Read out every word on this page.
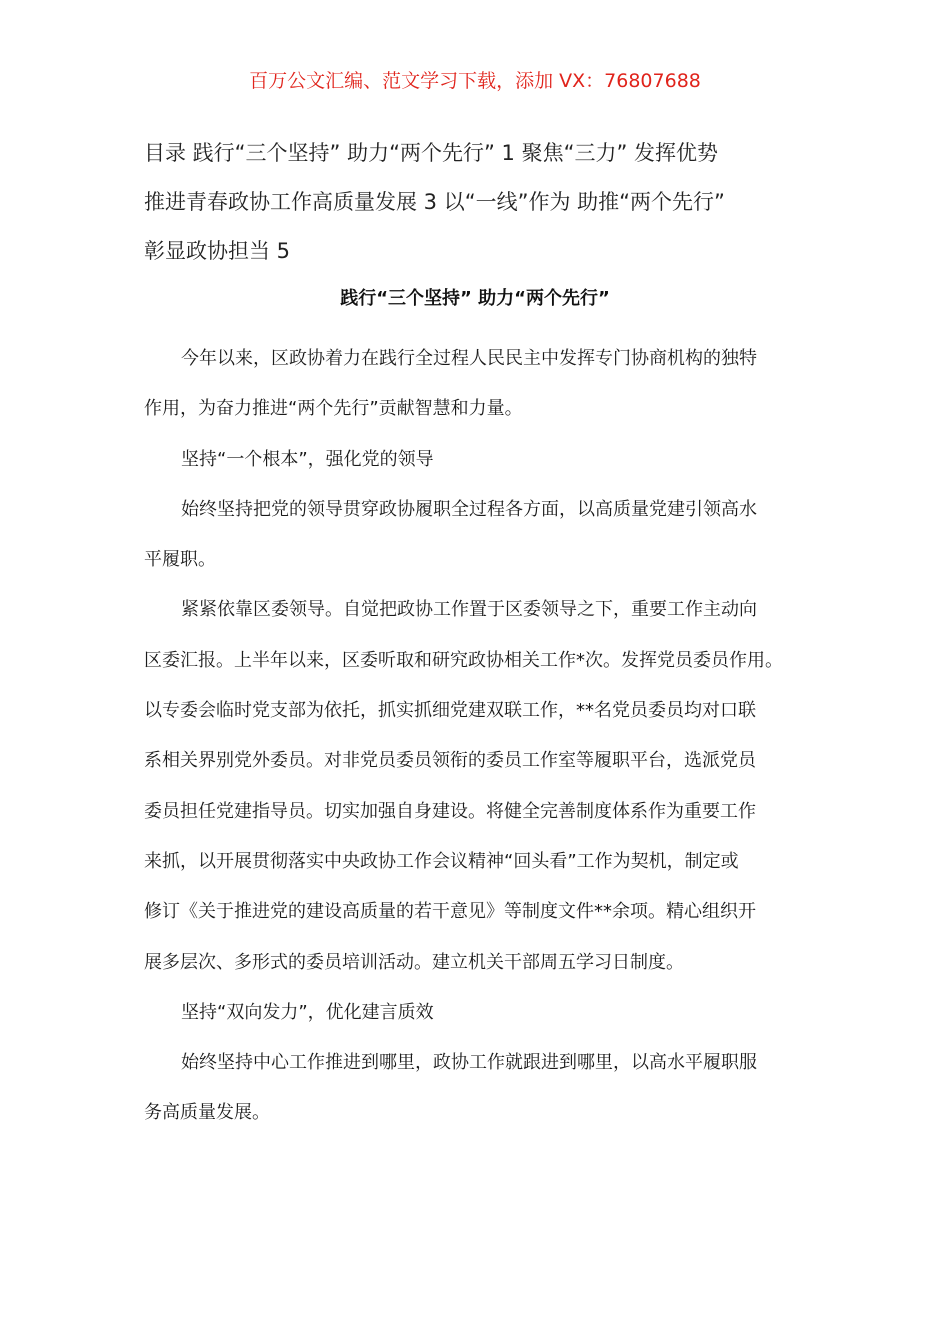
百万公文汇编、范文学习下载，添加 VX：76807688
目录 践行“三个坚持” 助力“两个先行” 1 聚焦“三力” 发挥优势
推进青春政协工作高质量发展 3 以“一线”作为 助推“两个先行”
彰显政协担当 5
践行“三个坚持” 助力“两个先行”
今年以来，区政协着力在践行全过程人民民主中发挥专门协商机构的独特
作用，为奋力推进“两个先行”贡献智慧和力量。
坚持“一个根本”，强化党的领导
始终坚持把党的领导贯穿政协履职全过程各方面，以高质量党建引领高水
平履职。
紧紧依靠区委领导。自觉把政协工作置于区委领导之下，重要工作主动向
区委汇报。上半年以来，区委听取和研究政协相关工作*次。发挥党员委员作用。
以专委会临时党支部为依托，抓实抓细党建双联工作，**名党员委员均对口联
系相关界别党外委员。对非党员委员领衔的委员工作室等履职平台，选派党员
委员担任党建指导员。切实加强自身建设。将健全完善制度体系作为重要工作
来抓，以开展贯彻落实中央政协工作会议精神“回头看”工作为契机，制定或
修订《关于推进党的建设高质量的若干意见》等制度文件**余项。精心组织开
展多层次、多形式的委员培训活动。建立机关干部周五学习日制度。
坚持“双向发力”，优化建言质效
始终坚持中心工作推进到哪里，政协工作就跟进到哪里，以高水平履职服
务高质量发展。
